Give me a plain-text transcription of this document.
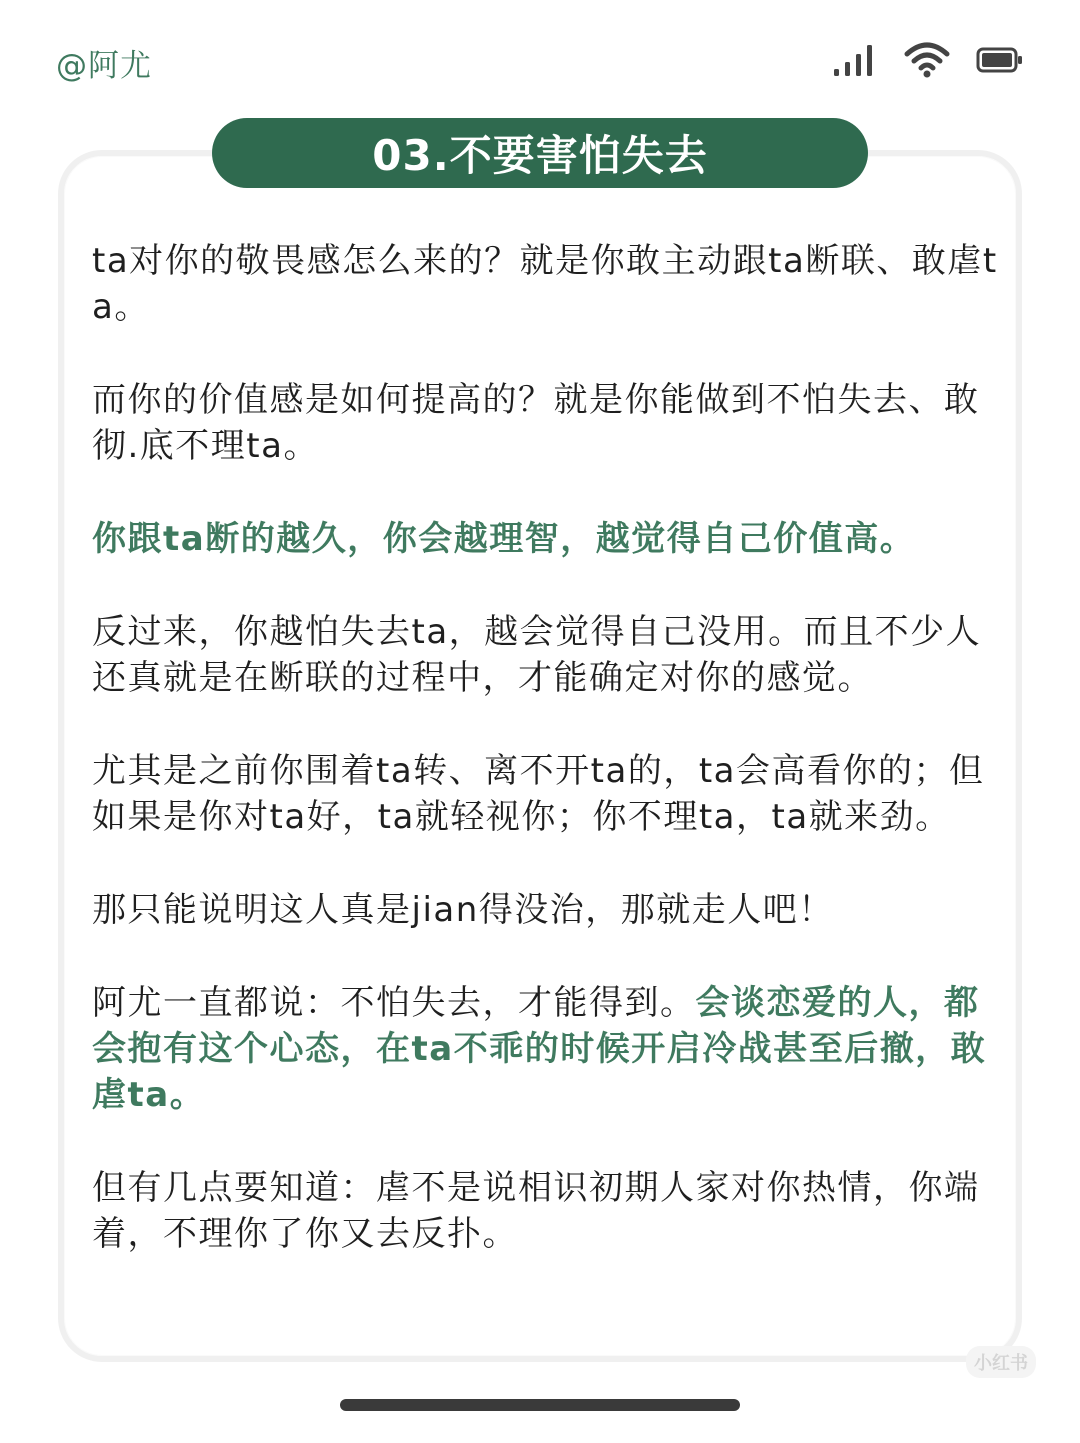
@阿尤
03.不要害怕失去

ta对你的敬畏感怎么来的？就是你敢主动跟ta断联、敢虐ta。

而你的价值感是如何提高的？就是你能做到不怕失去、敢彻.底不理ta。

你跟ta断的越久，你会越理智，越觉得自己价值高。

反过来，你越怕失去ta，越会觉得自己没用。而且不少人还真就是在断联的过程中，才能确定对你的感觉。

尤其是之前你围着ta转、离不开ta的，ta会高看你的；但如果是你对ta好，ta就轻视你；你不理ta，ta就来劲。

那只能说明这人真是jian得没治，那就走人吧！

阿尤一直都说：不怕失去，才能得到。会谈恋爱的人，都会抱有这个心态，在ta不乖的时候开启冷战甚至后撤，敢虐ta。

但有几点要知道：虐不是说相识初期人家对你热情，你端着，不理你了你又去反扑。

小红书
